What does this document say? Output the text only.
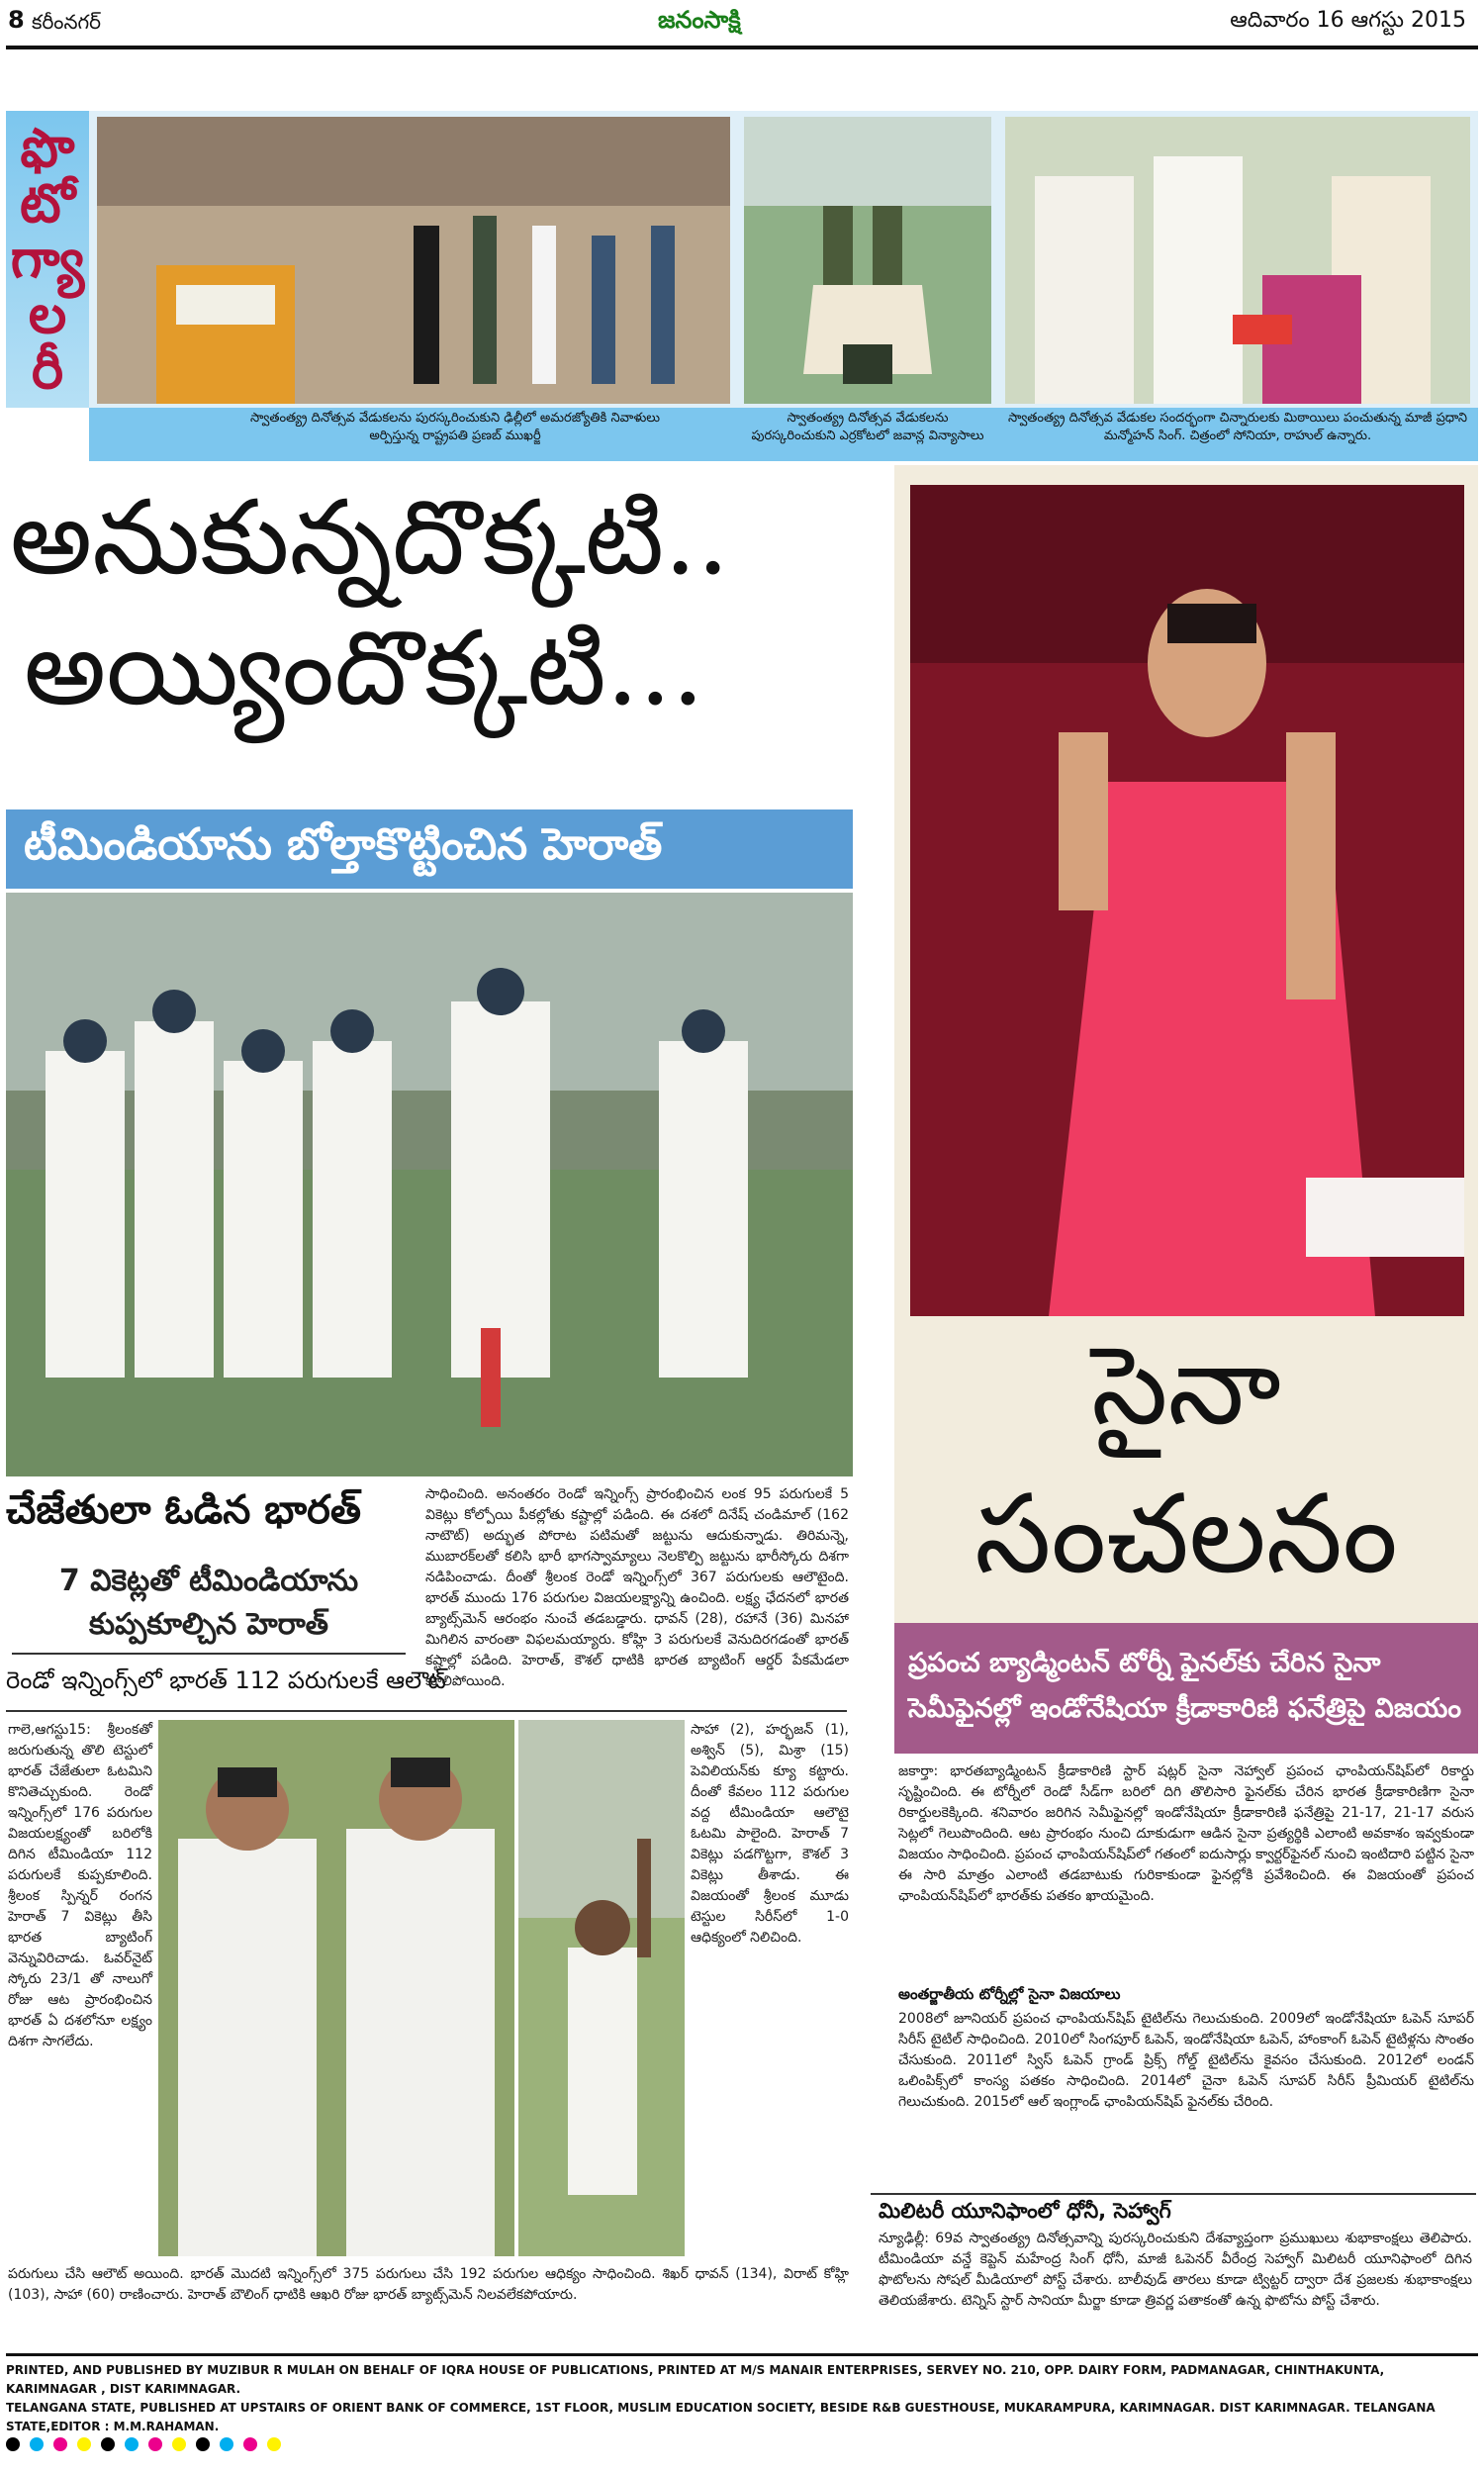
8 కరీంనగర్	జనంసాక్షి	ఆదివారం 16 ఆగస్టు 2015
ఫొ
టో
గ్యా
ల
రీ
స్వాతంత్య్ర దినోత్సవ వేడుకలను పురస్కరించుకుని ఢిల్లీలో అమరజ్యోతికి నివాళులు అర్పిస్తున్న రాష్ట్రపతి ప్రణబ్ ముఖర్జీ
స్వాతంత్య్ర దినోత్సవ వేడుకలను పురస్కరించుకుని ఎర్రకోటలో జవాన్ల విన్యాసాలు
స్వాతంత్య్ర దినోత్సవ వేడుకల సందర్భంగా చిన్నారులకు మిఠాయిలు పంచుతున్న మాజీ ప్రధాని మన్మోహన్ సింగ్. చిత్రంలో సోనియా, రాహుల్ ఉన్నారు.
అనుకున్నదొక్కటి..
అయ్యిందొక్కటి...
టీమిండియాను బోల్తాకొట్టించిన హెరాత్
సైనా
సంచలనం
ప్రపంచ బ్యాడ్మింటన్ టోర్నీ ఫైనల్‌కు చేరిన సైనా
సెమీఫైనల్లో ఇండోనేషియా క్రీడాకారిణి ఫనేత్రిపై విజయం
జకార్తా: భారతబ్యాడ్మింటన్ క్రీడాకారిణి స్టార్ షట్లర్ సైనా నెహ్వాల్ ప్రపంచ ఛాంపియన్‌షిప్‌లో రికార్డు సృష్టించింది. ఈ టోర్నీలో రెండో సీడ్‌గా బరిలో దిగి తొలిసారి ఫైనల్‌కు చేరిన భారత క్రీడాకారిణిగా సైనా రికార్డులకెక్కింది. శనివారం జరిగిన సెమీఫైనల్లో ఇండోనేషియా క్రీడాకారిణి ఫనేత్రిపై 21-17, 21-17 వరుస సెట్లలో గెలుపొందింది. ఆట ప్రారంభం నుంచి దూకుడుగా ఆడిన సైనా ప్రత్యర్థికి ఎలాంటి అవకాశం ఇవ్వకుండా విజయం సాధించింది. ప్రపంచ ఛాంపియన్‌షిప్‌లో గతంలో ఐదుసార్లు క్వార్టర్‌ఫైనల్ నుంచి ఇంటిదారి పట్టిన సైనా ఈ సారి మాత్రం ఎలాంటి తడబాటుకు గురికాకుండా ఫైనల్లోకి ప్రవేశించింది. ఈ విజయంతో ప్రపంచ ఛాంపియన్‌షిప్‌లో భారత్‌కు పతకం ఖాయమైంది.
అంతర్జాతీయ టోర్నీల్లో సైనా విజయాలు
2008లో జూనియర్ ప్రపంచ ఛాంపియన్‌షిప్ టైటిల్‌ను గెలుచుకుంది. 2009లో ఇండోనేషియా ఓపెన్ సూపర్ సిరీస్ టైటిల్ సాధించింది. 2010లో సింగపూర్ ఓపెన్, ఇండోనేషియా ఓపెన్, హాంకాంగ్ ఓపెన్ టైటిళ్లను సొంతం చేసుకుంది. 2011లో స్విస్ ఓపెన్ గ్రాండ్ ప్రిక్స్ గోల్డ్ టైటిల్‌ను కైవసం చేసుకుంది. 2012లో లండన్ ఒలింపిక్స్‌లో కాంస్య పతకం సాధించింది. 2014లో చైనా ఓపెన్ సూపర్ సిరీస్ ప్రీమియర్ టైటిల్‌ను గెలుచుకుంది. 2015లో ఆల్ ఇంగ్లాండ్ ఛాంపియన్‌షిప్ ఫైనల్‌కు చేరింది.
చేజేతులా ఓడిన భారత్
7 వికెట్లతో టీమిండియాను కుప్పకూల్చిన హెరాత్
రెండో ఇన్నింగ్స్‌లో భారత్ 112 పరుగులకే ఆలౌట్
సాధించింది. అనంతరం రెండో ఇన్నింగ్స్ ప్రారంభించిన లంక 95 పరుగులకే 5 వికెట్లు కోల్పోయి పీకల్లోతు కష్టాల్లో పడింది. ఈ దశలో దినేష్ చండిమాల్ (162 నాటౌట్) అద్భుత పోరాట పటిమతో జట్టును ఆదుకున్నాడు. తిరిమన్నె, ముబారక్‌లతో కలిసి భారీ భాగస్వామ్యాలు నెలకొల్పి జట్టును భారీస్కోరు దిశగా నడిపించాడు. దీంతో శ్రీలంక రెండో ఇన్నింగ్స్‌లో 367 పరుగులకు ఆలౌటైంది. భారత్ ముందు 176 పరుగుల విజయలక్ష్యాన్ని ఉంచింది. లక్ష్య ఛేదనలో భారత బ్యాట్స్‌మెన్ ఆరంభం నుంచే తడబడ్డారు. ధావన్ (28), రహానే (36) మినహా మిగిలిన వారంతా విఫలమయ్యారు. కోహ్లి 3 పరుగులకే వెనుదిరగడంతో భారత్ కష్టాల్లో పడింది. హెరాత్, కౌశల్ ధాటికి భారత బ్యాటింగ్ ఆర్డర్ పేకమేడలా కూలిపోయింది.
గాలె,ఆగస్టు15: శ్రీలంకతో జరుగుతున్న తొలి టెస్టులో భారత్ చేజేతులా ఓటమిని కొనితెచ్చుకుంది. రెండో ఇన్నింగ్స్‌లో 176 పరుగుల విజయలక్ష్యంతో బరిలోకి దిగిన టీమిండియా 112 పరుగులకే కుప్పకూలింది. శ్రీలంక స్పిన్నర్ రంగన హెరాత్ 7 వికెట్లు తీసి భారత బ్యాటింగ్ వెన్నువిరిచాడు. ఓవర్‌నైట్ స్కోరు 23/1 తో నాలుగో రోజు ఆట ప్రారంభించిన భారత్ ఏ దశలోనూ లక్ష్యం దిశగా సాగలేదు.
సాహా (2), హర్భజన్ (1), అశ్విన్ (5), మిశ్రా (15) పెవిలియన్‌కు క్యూ కట్టారు. దీంతో కేవలం 112 పరుగుల వద్ద టీమిండియా ఆలౌటై ఓటమి పాలైంది. హెరాత్ 7 వికెట్లు పడగొట్టగా, కౌశల్ 3 వికెట్లు తీశాడు. ఈ విజయంతో శ్రీలంక మూడు టెస్టుల సిరీస్‌లో 1-0 ఆధిక్యంలో నిలిచింది.
పరుగులు చేసి ఆలౌట్ అయింది. భారత్ మొదటి ఇన్నింగ్స్‌లో 375 పరుగులు చేసి 192 పరుగుల ఆధిక్యం సాధించింది. శిఖర్ ధావన్ (134), విరాట్ కోహ్లి (103), సాహా (60) రాణించారు. హెరాత్ బౌలింగ్ ధాటికి ఆఖరి రోజు భారత్ బ్యాట్స్‌మెన్ నిలవలేకపోయారు.
మిలిటరీ యూనిఫాంలో ధోనీ, సెహ్వాగ్
న్యూఢిల్లీ: 69వ స్వాతంత్య్ర దినోత్సవాన్ని పురస్కరించుకుని దేశవ్యాప్తంగా ప్రముఖులు శుభాకాంక్షలు తెలిపారు. టీమిండియా వన్డే కెప్టెన్ మహేంద్ర సింగ్ ధోనీ, మాజీ ఓపెనర్ వీరేంద్ర సెహ్వాగ్ మిలిటరీ యూనిఫాంలో దిగిన ఫొటోలను సోషల్ మీడియాలో పోస్ట్ చేశారు. బాలీవుడ్ తారలు కూడా ట్విట్టర్ ద్వారా దేశ ప్రజలకు శుభాకాంక్షలు తెలియజేశారు. టెన్నిస్ స్టార్ సానియా మీర్జా కూడా త్రివర్ణ పతాకంతో ఉన్న ఫొటోను పోస్ట్ చేశారు.
PRINTED, AND PUBLISHED BY MUZIBUR R MULAH ON BEHALF OF IQRA HOUSE OF PUBLICATIONS, PRINTED AT M/S MANAIR ENTERPRISES, SERVEY NO. 210, OPP. DAIRY FORM, PADMANAGAR, CHINTHAKUNTA, KARIMNAGAR , DIST KARIMNAGAR.
TELANGANA STATE, PUBLISHED AT UPSTAIRS OF ORIENT BANK OF COMMERCE, 1ST FLOOR, MUSLIM EDUCATION SOCIETY, BESIDE R&B GUESTHOUSE, MUKARAMPURA, KARIMNAGAR. DIST KARIMNAGAR. TELANGANA STATE,EDITOR : M.M.RAHAMAN.
